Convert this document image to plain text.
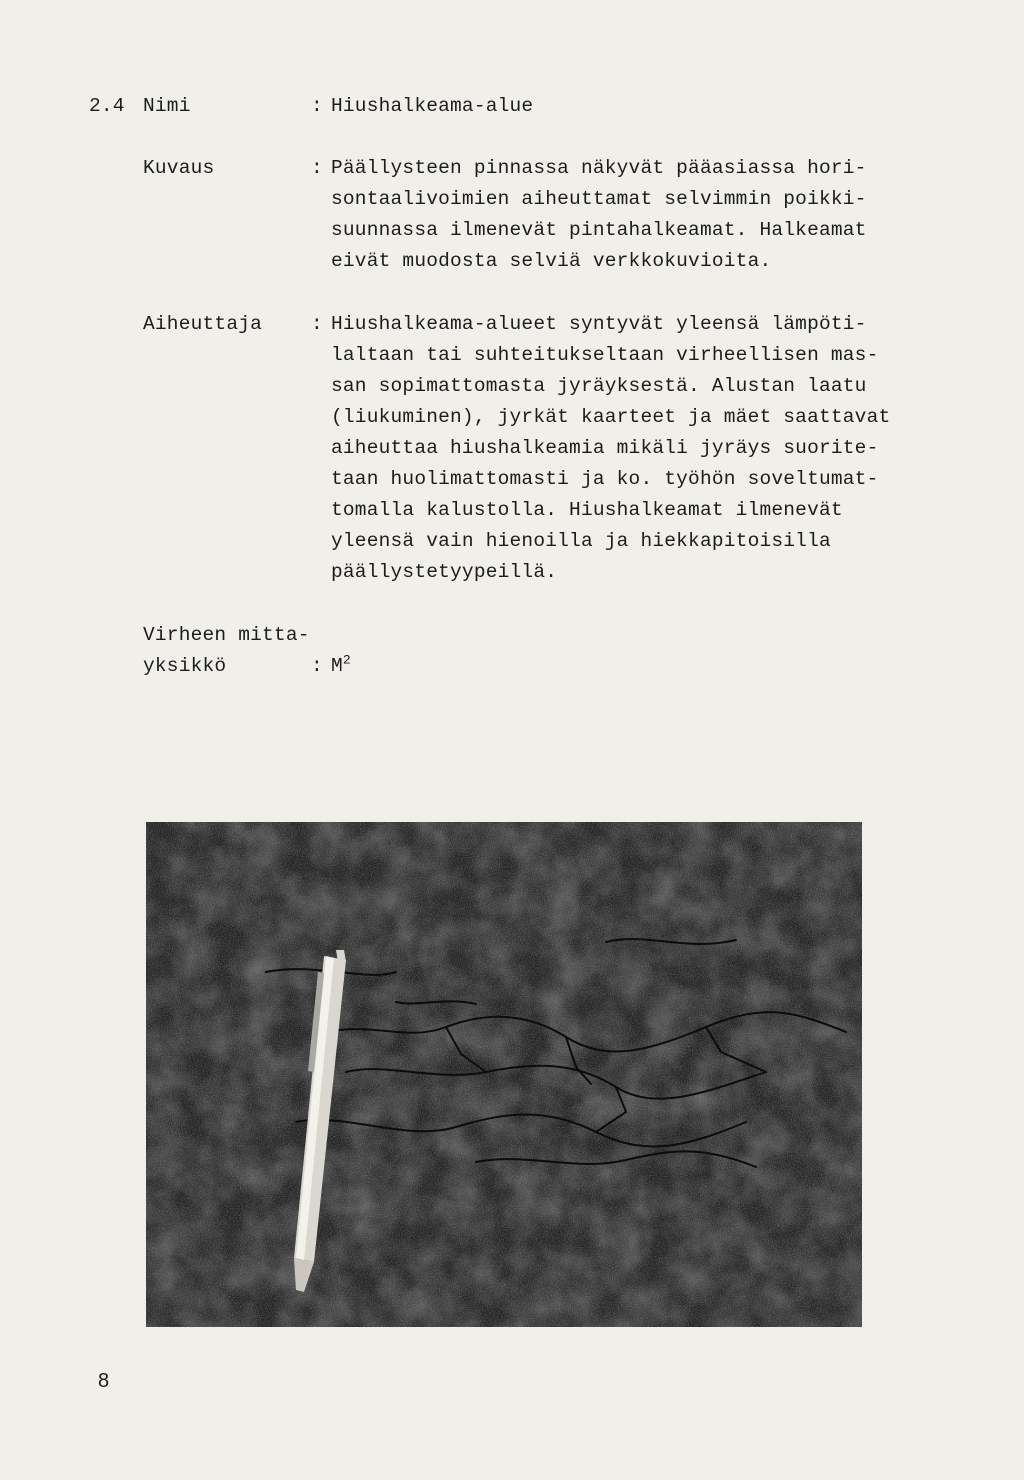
2.4 Nimi	: Hiushalkeama-alue
Kuvaus	: Päällysteen pinnassa näkyvät pääasiassa hori-
sontaalivoimien aiheuttamat selvimmin poikki-
suunnassa ilmenevät pintahalkeamat. Halkeamat
eivät muodosta selviä verkkokuvioita.
Aiheuttaja	: Hiushalkeama-alueet syntyvät yleensä lämpöti-
laltaan tai suhteitukseltaan virheellisen mas-
san sopimattomasta jyräyksestä. Alustan laatu
(liukuminen), jyrkät kaarteet ja mäet saattavat
aiheuttaa hiushalkeamia mikäli jyräys suorite-
taan huolimattomasti ja ko. työhön soveltumat-
tomalla kalustolla. Hiushalkeamat ilmenevät
yleensä vain hienoilla ja hiekkapitoisilla
päällystetyypeillä.
Virheen mitta-
yksikkö	: $M^2$
8
